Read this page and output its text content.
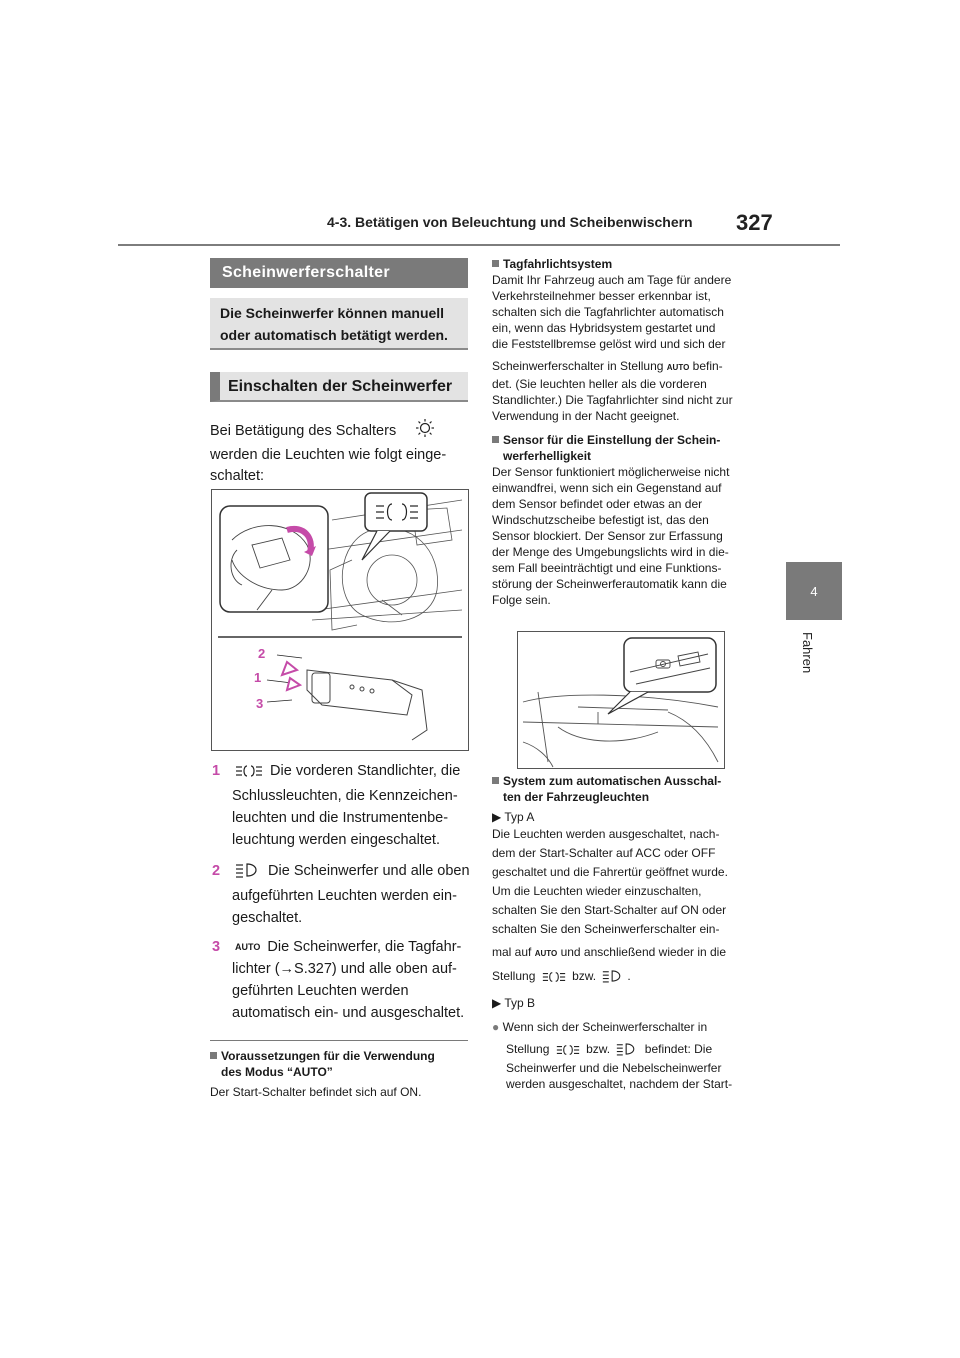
4-3. Betätigen von Beleuchtung und Scheibenwischern 327
4
Fahren
Scheinwerferschalter
Die Scheinwerfer können manuell
oder automatisch betätigt werden.
Einschalten der Scheinwerfer
Bei Betätigung des Schalters
werden die Leuchten wie folgt einge-
schaltet:
2
1
3
1	Die vorderen Standlichter, die
Schlussleuchten, die Kennzeichen-
leuchten und die Instrumentenbe-
leuchtung werden eingeschaltet.
2	Die Scheinwerfer und alle oben
aufgeführten Leuchten werden ein-
geschaltet.
3	AUTO Die Scheinwerfer, die Tagfahr-
lichter (→S.327) und alle oben auf-
geführten Leuchten werden
automatisch ein- und ausgeschaltet.
Voraussetzungen für die Verwendung
des Modus “AUTO”
Der Start-Schalter befindet sich auf ON.
Tagfahrlichtsystem
Damit Ihr Fahrzeug auch am Tage für andere
Verkehrsteilnehmer besser erkennbar ist,
schalten sich die Tagfahrlichter automatisch
ein, wenn das Hybridsystem gestartet und
die Feststellbremse gelöst wird und sich der
Scheinwerferschalter in Stellung AUTO befin-
det. (Sie leuchten heller als die vorderen
Standlichter.) Die Tagfahrlichter sind nicht zur
Verwendung in der Nacht geeignet.
Sensor für die Einstellung der Schein-
werferhelligkeit
Der Sensor funktioniert möglicherweise nicht
einwandfrei, wenn sich ein Gegenstand auf
dem Sensor befindet oder etwas an der
Windschutzscheibe befestigt ist, das den
Sensor blockiert. Der Sensor zur Erfassung
der Menge des Umgebungslichts wird in die-
sem Fall beeinträchtigt und eine Funktions-
störung der Scheinwerferautomatik kann die
Folge sein.
System zum automatischen Ausschal-
ten der Fahrzeugleuchten
▶ Typ A
Die Leuchten werden ausgeschaltet, nach-
dem der Start-Schalter auf ACC oder OFF
geschaltet und die Fahrertür geöffnet wurde.
Um die Leuchten wieder einzuschalten,
schalten Sie den Start-Schalter auf ON oder
schalten Sie den Scheinwerferschalter ein-
mal auf AUTO und anschließend wieder in die
Stellung	bzw.	.
▶ Typ B
● Wenn sich der Scheinwerferschalter in
Stellung	bzw.	befindet: Die
Scheinwerfer und die Nebelscheinwerfer
werden ausgeschaltet, nachdem der Start-
